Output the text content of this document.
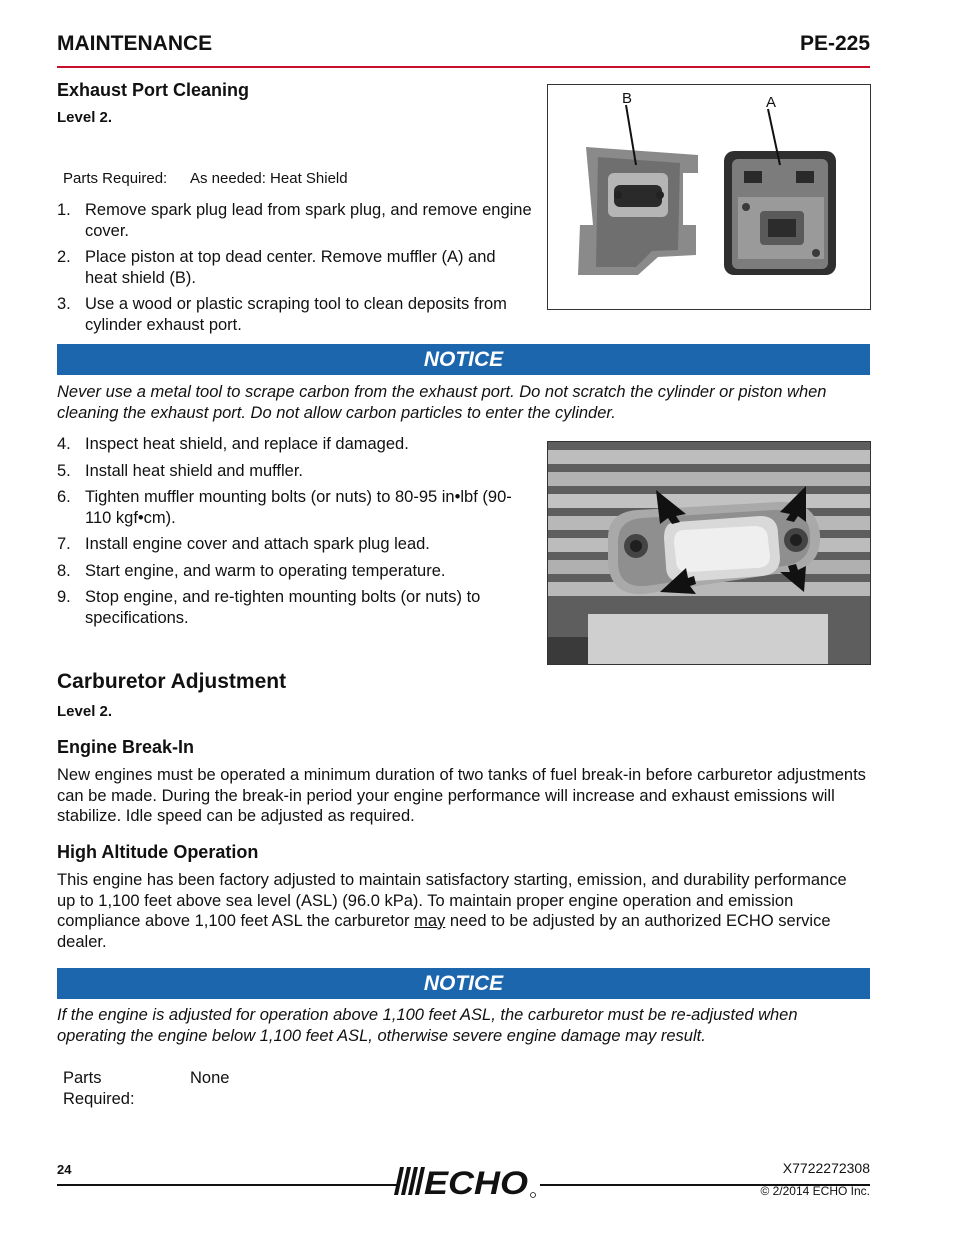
MAINTENANCE	PE-225
Exhaust Port Cleaning
Level 2.
Parts Required: As needed: Heat Shield
1. Remove spark plug lead from spark plug, and remove engine cover.
2. Place piston at top dead center. Remove muffler (A) and heat shield (B).
3. Use a wood or plastic scraping tool to clean deposits from cylinder exhaust port.
B	A
NOTICE
Never use a metal tool to scrape carbon from the exhaust port. Do not scratch the cylinder or piston when cleaning the exhaust port. Do not allow carbon particles to enter the cylinder.
4. Inspect heat shield, and replace if damaged.
5. Install heat shield and muffler.
6. Tighten muffler mounting bolts (or nuts) to 80-95 in•lbf (90-110 kgf•cm).
7. Install engine cover and attach spark plug lead.
8. Start engine, and warm to operating temperature.
9. Stop engine, and re-tighten mounting bolts (or nuts) to specifications.
Carburetor Adjustment
Level 2.
Engine Break-In
New engines must be operated a minimum duration of two tanks of fuel break-in before carburetor adjustments can be made. During the break-in period your engine performance will increase and exhaust emissions will stabilize. Idle speed can be adjusted as required.
High Altitude Operation
This engine has been factory adjusted to maintain satisfactory starting, emission, and durability performance up to 1,100 feet above sea level (ASL) (96.0 kPa). To maintain proper engine operation and emission compliance above 1,100 feet ASL the carburetor may need to be adjusted by an authorized ECHO service dealer.
NOTICE
If the engine is adjusted for operation above 1,100 feet ASL, the carburetor must be re-adjusted when operating the engine below 1,100 feet ASL, otherwise severe engine damage may result.
Parts Required:
None
24	X7722272308
ECHO	© 2/2014 ECHO Inc.
